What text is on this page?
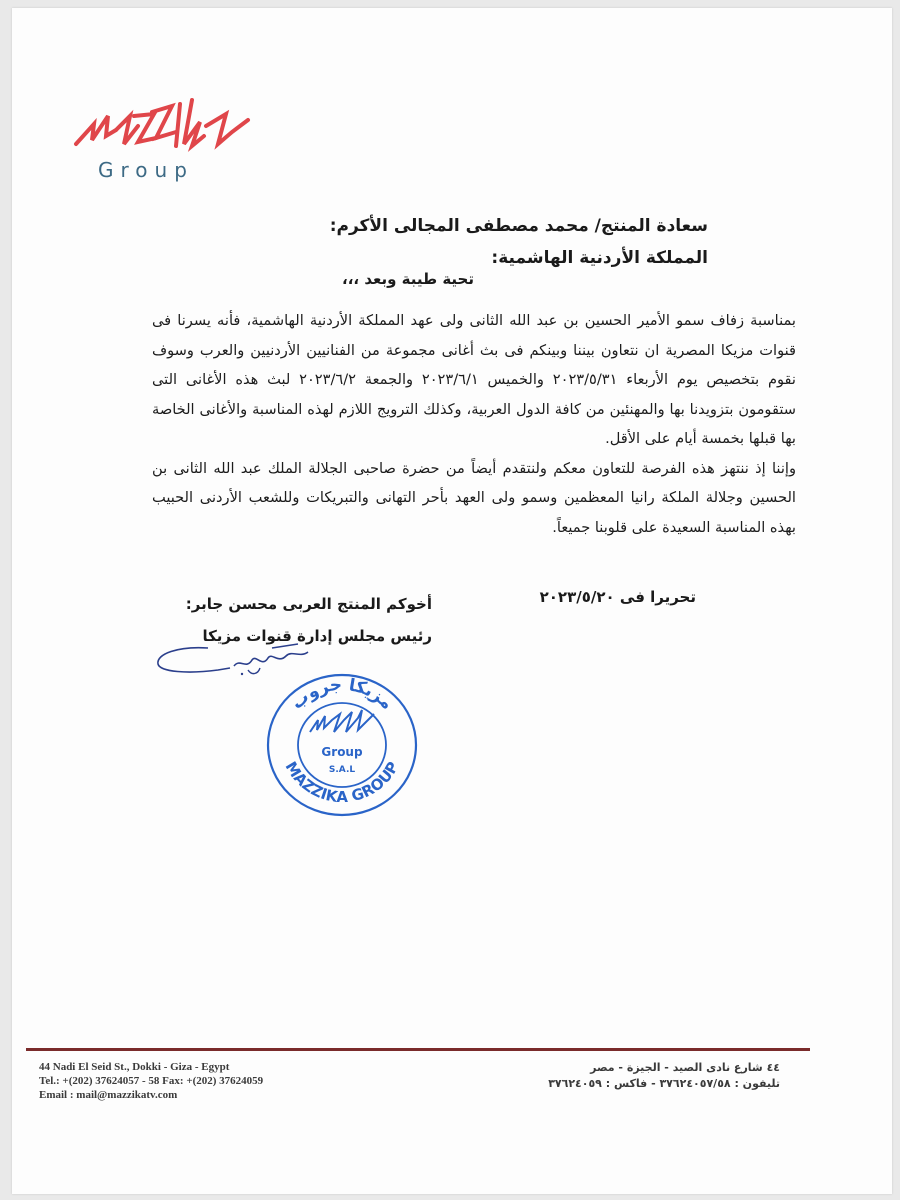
Group
سعادة المنتج/ محمد مصطفى المجالى الأكرم:
المملكة الأردنية الهاشمية:
تحية طيبة وبعد ،،،

بمناسبة زفاف سمو الأمير الحسين بن عبد الله الثانى ولى عهد المملكة الأردنية الهاشمية، فأنه يسرنا فى قنوات مزيكا المصرية ان نتعاون بيننا وبينكم فى بث أغانى مجموعة من الفنانيين الأردنيين والعرب وسوف نقوم بتخصيص يوم الأربعاء ٢٠٢٣/٥/٣١ والخميس ٢٠٢٣/٦/١ والجمعة ٢٠٢٣/٦/٢ لبث هذه الأغانى التى ستقومون بتزويدنا بها والمهنئين من كافة الدول العربية، وكذلك الترويج اللازم لهذه المناسبة والأغانى الخاصة بها قبلها بخمسة أيام على الأقل.

وإننا إذ ننتهز هذه الفرصة للتعاون معكم ولنتقدم أيضاً من حضرة صاحبى الجلالة الملك عبد الله الثانى بن الحسين وجلالة الملكة رانيا المعظمين وسمو ولى العهد بأحر التهانى والتبريكات وللشعب الأردنى الحبيب بهذه المناسبة السعيدة على قلوبنا جميعاً.

تحريرا فى ٢٠٢٣/٥/٢٠
أخوكم المنتج العربى محسن جابر:
رئيس مجلس إدارة قنوات مزيكا
مزيكا جروب
MAZZIKA GROUP
Group
S.A.L
44 Nadi El Seid St., Dokki - Giza - Egypt
Tel.: +(202) 37624057 - 58 Fax: +(202) 37624059
Email : mail@mazzikatv.com
٤٤ شارع نادى الصيد - الجيزة - مصر
تليفون : ٣٧٦٢٤٠٥٧/٥٨ - فاكس : ٣٧٦٢٤٠٥٩
